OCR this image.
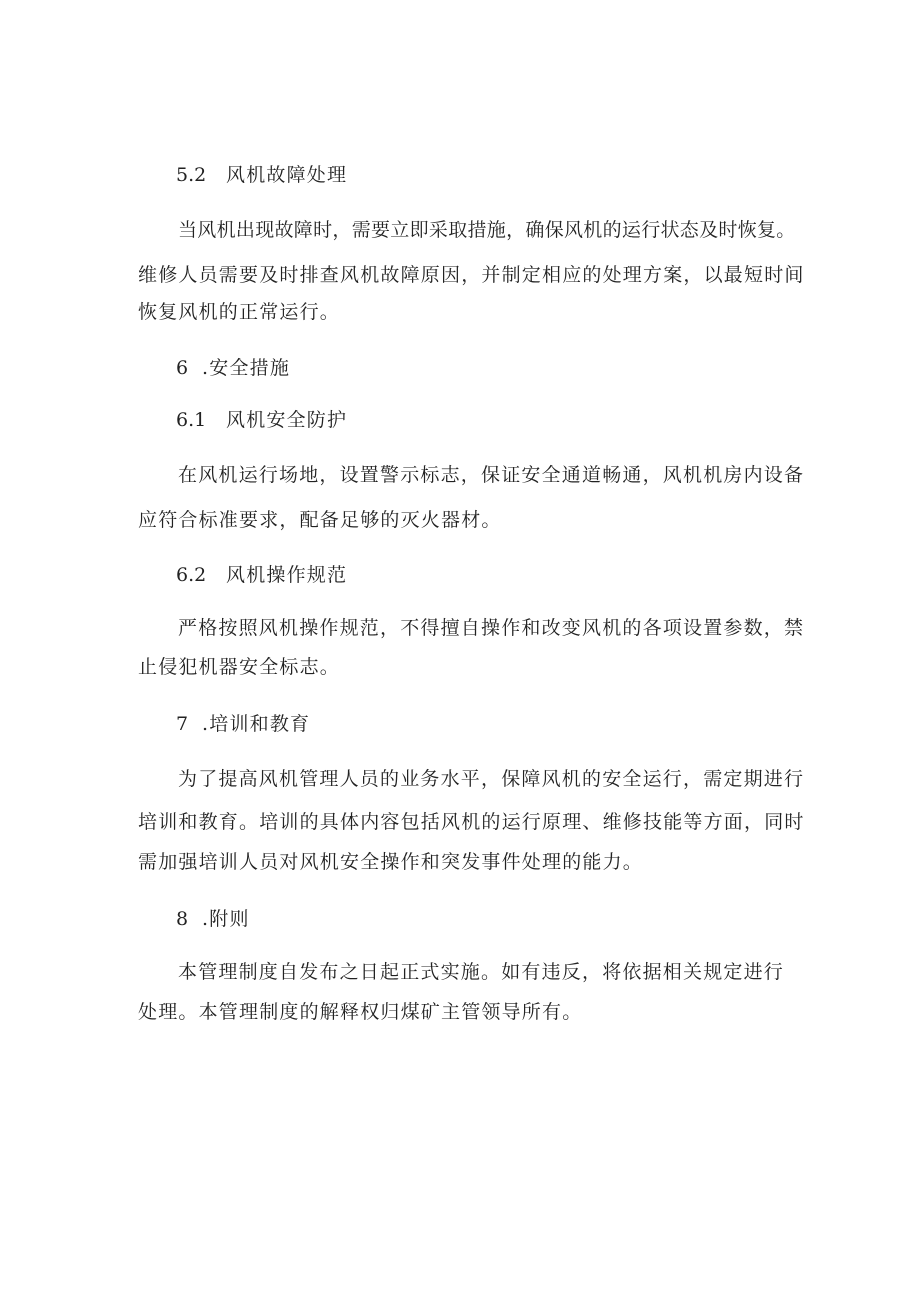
5.2 风机故障处理
当风机出现故障时，需要立即采取措施，确保风机的运行状态及时恢复。
维修人员需要及时排查风机故障原因，并制定相应的处理方案，以最短时间
恢复风机的正常运行。
6 .安全措施
6.1 风机安全防护
在风机运行场地，设置警示标志，保证安全通道畅通，风机机房内设备
应符合标准要求，配备足够的灭火器材。
6.2 风机操作规范
严格按照风机操作规范，不得擅自操作和改变风机的各项设置参数，禁
止侵犯机器安全标志。
7 .培训和教育
为了提高风机管理人员的业务水平，保障风机的安全运行，需定期进行
培训和教育。培训的具体内容包括风机的运行原理、维修技能等方面，同时
需加强培训人员对风机安全操作和突发事件处理的能力。
8 .附则
本管理制度自发布之日起正式实施。如有违反，将依据相关规定进行
处理。本管理制度的解释权归煤矿主管领导所有。
